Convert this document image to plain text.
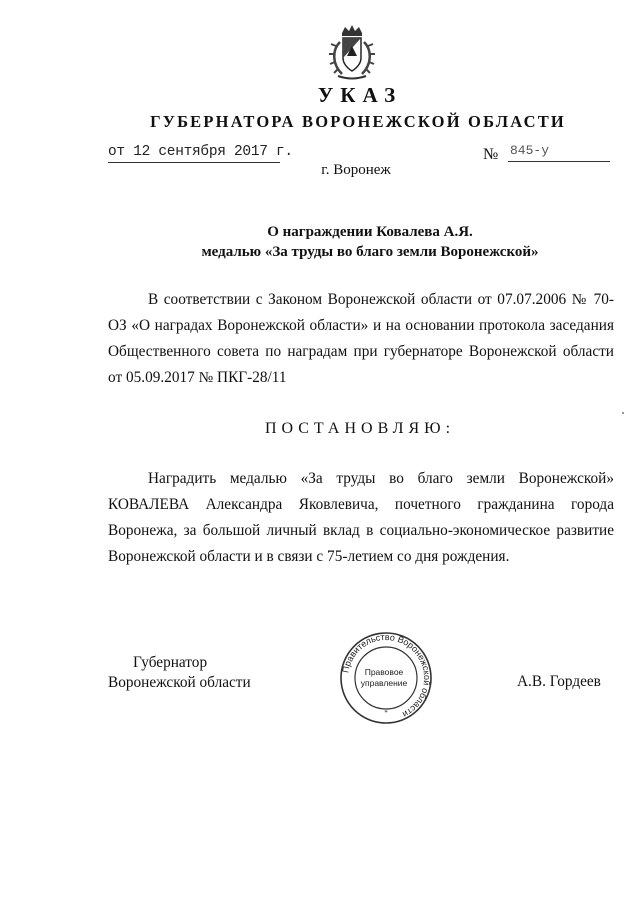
УКАЗ
ГУБЕРНАТОРА ВОРОНЕЖСКОЙ ОБЛАСТИ
от 12 сентября 2017 г.	№ 845-у
г. Воронеж
О награждении Ковалева А.Я.
медалью «За труды во благо земли Воронежской»
В соответствии с Законом Воронежской области от 07.07.2006 № 70-ОЗ «О наградах Воронежской области» и на основании протокола заседания Общественного совета по наградам при губернаторе Воронежской области от 05.09.2017 № ПКГ-28/11
ПОСТАНОВЛЯЮ:
Наградить медалью «За труды во благо земли Воронежской» КОВАЛЕВА Александра Яковлевича, почетного гражданина города Воронежа, за большой личный вклад в социально-экономическое развитие Воронежской области и в связи с 75-летием со дня рождения.
Губернатор
Воронежской области
Правительство Воронежской области
Правовое
управление
*
А.В. Гордеев
